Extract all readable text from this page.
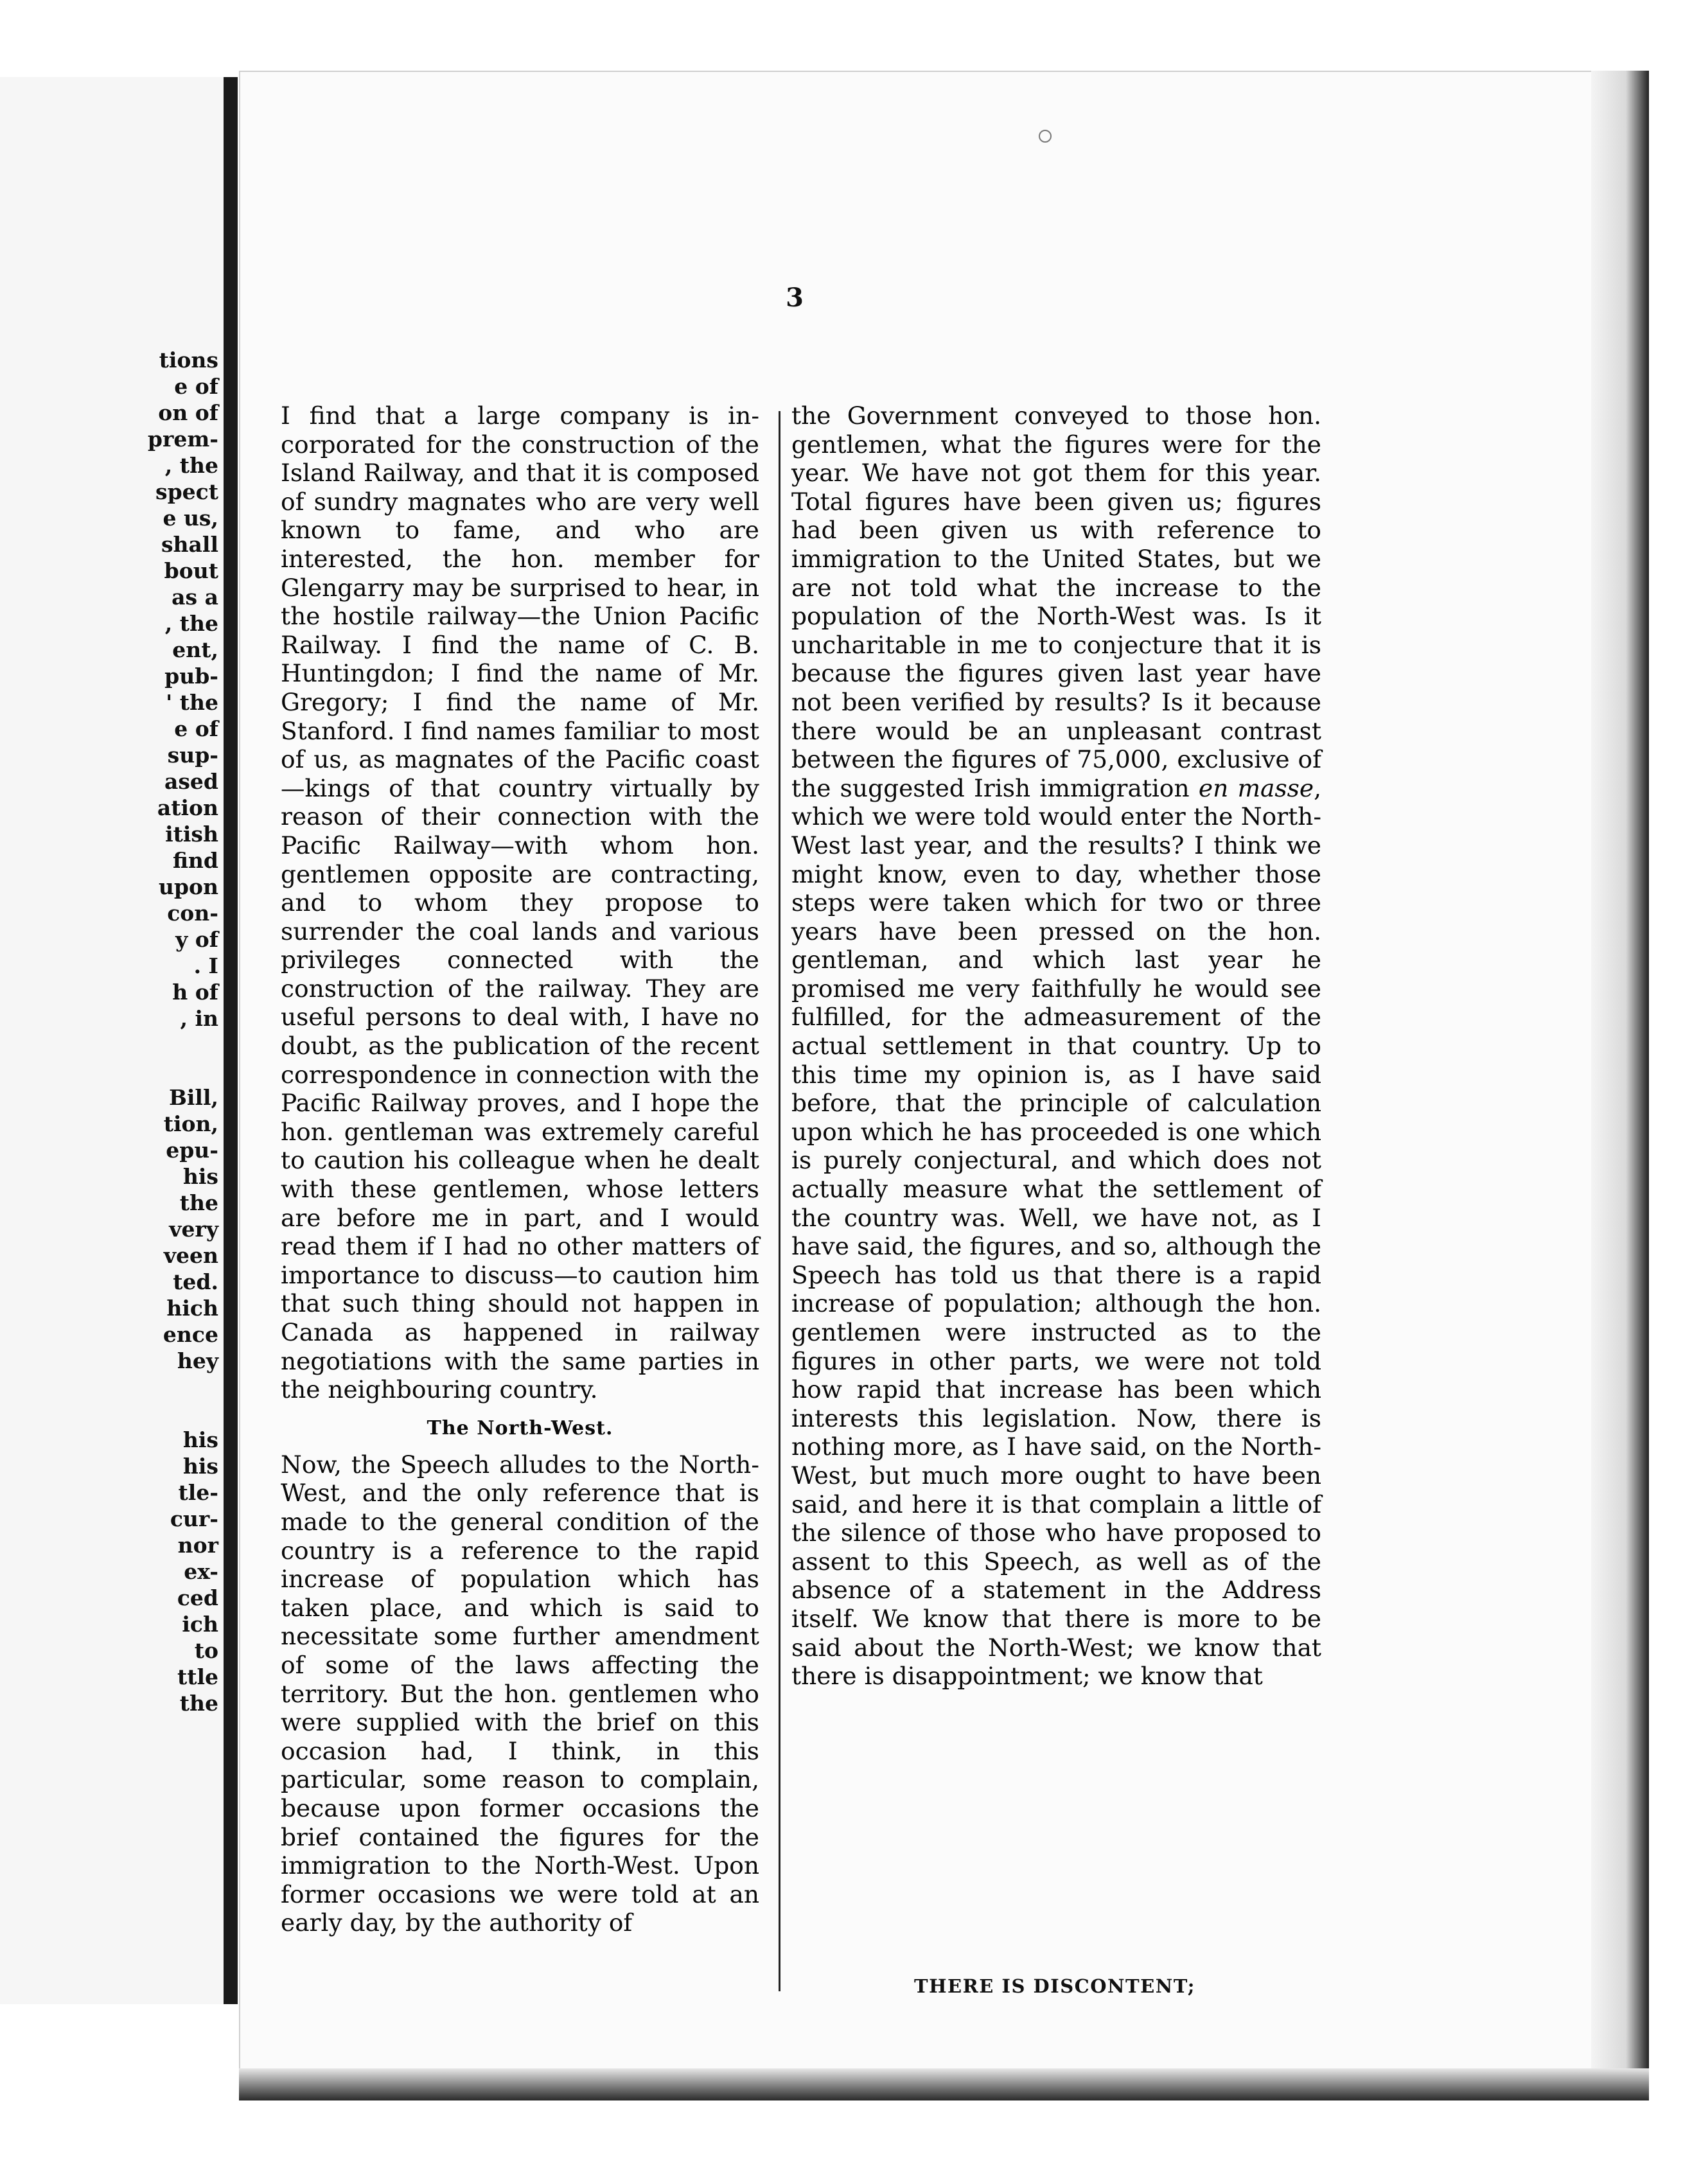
tions
e of
on of
prem-
, the
spect
e us,
shall
bout
as a
, the
ent,
pub-
' the
e of
sup-
ased
ation
itish
find
upon
con-
y of
. I
h of
, in

Bill,
tion,
epu-
his
the
very
veen
ted.
hich
ence
hey

his
his
tle-
cur-
nor
ex-
ced
ich
to
ttle
the
3

I find that a large company is in-corporated for the construction of the Island Railway, and that it is composed of sundry magnates who are very well known to fame, and who are interested, the hon. member for Glengarry may be surprised to hear, in the hostile railway—the Union Pacific Railway. I find the name of C. B. Huntingdon; I find the name of Mr. Gregory; I find the name of Mr. Stanford. I find names familiar to most of us, as magnates of the Pacific coast—kings of that country virtually by reason of their connection with the Pacific Railway—with whom hon. gentlemen opposite are contracting, and to whom they propose to surrender the coal lands and various privileges connected with the construction of the railway. They are useful persons to deal with, I have no doubt, as the publication of the recent correspondence in connection with the Pacific Railway proves, and I hope the hon. gentleman was extremely careful to caution his colleague when he dealt with these gentlemen, whose letters are before me in part, and I would read them if I had no other matters of importance to discuss—to caution him that such thing should not happen in Canada as happened in railway negotiations with the same parties in the neighbouring country.

The North-West.

Now, the Speech alludes to the North-West, and the only reference that is made to the general condition of the country is a reference to the rapid increase of population which has taken place, and which is said to necessitate some further amendment of some of the laws affecting the territory. But the hon. gentlemen who were supplied with the brief on this occasion had, I think, in this particular, some reason to complain, because upon former occasions the brief contained the figures for the immigration to the North-West. Upon former occasions we were told at an early day, by the authority of

the Government conveyed to those hon. gentlemen, what the figures were for the year. We have not got them for this year. Total figures have been given us; figures had been given us with reference to immigration to the United States, but we are not told what the increase to the population of the North-West was. Is it uncharitable in me to conjecture that it is because the figures given last year have not been verified by results? Is it because there would be an unpleasant contrast between the figures of 75,000, exclusive of the suggested Irish immigration en masse, which we were told would enter the North-West last year, and the results? I think we might know, even to day, whether those steps were taken which for two or three years have been pressed on the hon. gentleman, and which last year he promised me very faithfully he would see fulfilled, for the admeasurement of the actual settlement in that country. Up to this time my opinion is, as I have said before, that the principle of calculation upon which he has proceeded is one which is purely conjectural, and which does not actually measure what the settlement of the country was. Well, we have not, as I have said, the figures, and so, although the Speech has told us that there is a rapid increase of population; although the hon. gentlemen were instructed as to the figures in other parts, we were not told how rapid that increase has been which interests this legislation. Now, there is nothing more, as I have said, on the North-West, but much more ought to have been said, and here it is that complain a little of the silence of those who have proposed to assent to this Speech, as well as of the absence of a statement in the Address itself. We know that there is more to be said about the North-West; we know that there is disappointment; we know that

THERE IS DISCONTENT;
